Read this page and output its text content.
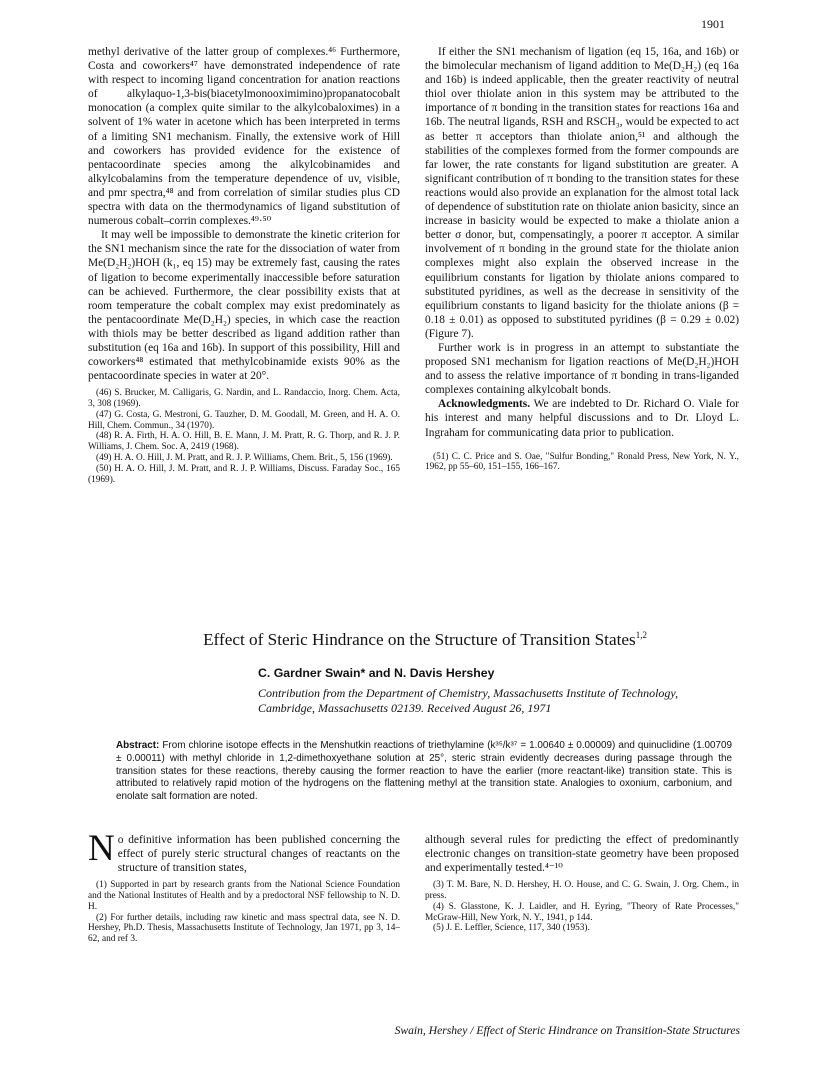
1901

methyl derivative of the latter group of complexes.⁴⁶ Furthermore, Costa and coworkers⁴⁷ have demonstrated independence of rate with respect to incoming ligand concentration for anation reactions of alkylaquo-1,3-bis(biacetylmonooximimino)propanatocobalt monocation (a complex quite similar to the alkylcobaloximes) in a solvent of 1% water in acetone which has been interpreted in terms of a limiting SN1 mechanism. Finally, the extensive work of Hill and coworkers has provided evidence for the existence of pentacoordinate species among the alkylcobinamides and alkylcobalamins from the temperature dependence of uv, visible, and pmr spectra,⁴⁸ and from correlation of similar studies plus CD spectra with data on the thermodynamics of ligand substitution of numerous cobalt–corrin complexes.⁴⁹·⁵⁰

It may well be impossible to demonstrate the kinetic criterion for the SN1 mechanism since the rate for the dissociation of water from Me(D₂H₂)HOH (k₁, eq 15) may be extremely fast, causing the rates of ligation to become experimentally inaccessible before saturation can be achieved. Furthermore, the clear possibility exists that at room temperature the cobalt complex may exist predominately as the pentacoordinate Me(D₂H₂) species, in which case the reaction with thiols may be better described as ligand addition rather than substitution (eq 16a and 16b). In support of this possibility, Hill and coworkers⁴⁸ estimated that methylcobinamide exists 90% as the pentacoordinate species in water at 20°.

(46) S. Brucker, M. Calligaris, G. Nardin, and L. Randaccio, Inorg. Chem. Acta, 3, 308 (1969).

(47) G. Costa, G. Mestroni, G. Tauzher, D. M. Goodall, M. Green, and H. A. O. Hill, Chem. Commun., 34 (1970).

(48) R. A. Firth, H. A. O. Hill, B. E. Mann, J. M. Pratt, R. G. Thorp, and R. J. P. Williams, J. Chem. Soc. A, 2419 (1968).

(49) H. A. O. Hill, J. M. Pratt, and R. J. P. Williams, Chem. Brit., 5, 156 (1969).

(50) H. A. O. Hill, J. M. Pratt, and R. J. P. Williams, Discuss. Faraday Soc., 165 (1969).

If either the SN1 mechanism of ligation (eq 15, 16a, and 16b) or the bimolecular mechanism of ligand addition to Me(D₂H₂) (eq 16a and 16b) is indeed applicable, then the greater reactivity of neutral thiol over thiolate anion in this system may be attributed to the importance of π bonding in the transition states for reactions 16a and 16b. The neutral ligands, RSH and RSCH₃, would be expected to act as better π acceptors than thiolate anion,⁵¹ and although the stabilities of the complexes formed from the former compounds are far lower, the rate constants for ligand substitution are greater. A significant contribution of π bonding to the transition states for these reactions would also provide an explanation for the almost total lack of dependence of substitution rate on thiolate anion basicity, since an increase in basicity would be expected to make a thiolate anion a better σ donor, but, compensatingly, a poorer π acceptor. A similar involvement of π bonding in the ground state for the thiolate anion complexes might also explain the observed increase in the equilibrium constants for ligation by thiolate anions compared to substituted pyridines, as well as the decrease in sensitivity of the equilibrium constants to ligand basicity for the thiolate anions (β = 0.18 ± 0.01) as opposed to substituted pyridines (β = 0.29 ± 0.02) (Figure 7).

Further work is in progress in an attempt to substantiate the proposed SN1 mechanism for ligation reactions of Me(D₂H₂)HOH and to assess the relative importance of π bonding in trans-liganded complexes containing alkylcobalt bonds.

Acknowledgments. We are indebted to Dr. Richard O. Viale for his interest and many helpful discussions and to Dr. Lloyd L. Ingraham for communicating data prior to publication.

(51) C. C. Price and S. Oae, "Sulfur Bonding," Ronald Press, New York, N. Y., 1962, pp 55–60, 151–155, 166–167.

Effect of Steric Hindrance on the Structure of Transition States$^{1,2}$
C. Gardner Swain* and N. Davis Hershey
Contribution from the Department of Chemistry, Massachusetts Institute of Technology, Cambridge, Massachusetts 02139. Received August 26, 1971
Abstract: From chlorine isotope effects in the Menshutkin reactions of triethylamine (k³⁵/k³⁷ = 1.00640 ± 0.00009) and quinuclidine (1.00709 ± 0.00011) with methyl chloride in 1,2-dimethoxyethane solution at 25°, steric strain evidently decreases during passage through the transition states for these reactions, thereby causing the former reaction to have the earlier (more reactant-like) transition state. This is attributed to relatively rapid motion of the hydrogens on the flattening methyl at the transition state. Analogies to oxonium, carbonium, and enolate salt formation are noted.

No definitive information has been published concerning the effect of purely steric structural changes of reactants on the structure of transition states,

(1) Supported in part by research grants from the National Science Foundation and the National Institutes of Health and by a predoctoral NSF fellowship to N. D. H.

(2) For further details, including raw kinetic and mass spectral data, see N. D. Hershey, Ph.D. Thesis, Massachusetts Institute of Technology, Jan 1971, pp 3, 14–62, and ref 3.

although several rules for predicting the effect of predominantly electronic changes on transition-state geometry have been proposed and experimentally tested.⁴⁻¹⁰

(3) T. M. Bare, N. D. Hershey, H. O. House, and C. G. Swain, J. Org. Chem., in press.

(4) S. Glasstone, K. J. Laidler, and H. Eyring, "Theory of Rate Processes," McGraw-Hill, New York, N. Y., 1941, p 144.

(5) J. E. Leffler, Science, 117, 340 (1953).

Swain, Hershey / Effect of Steric Hindrance on Transition-State Structures
